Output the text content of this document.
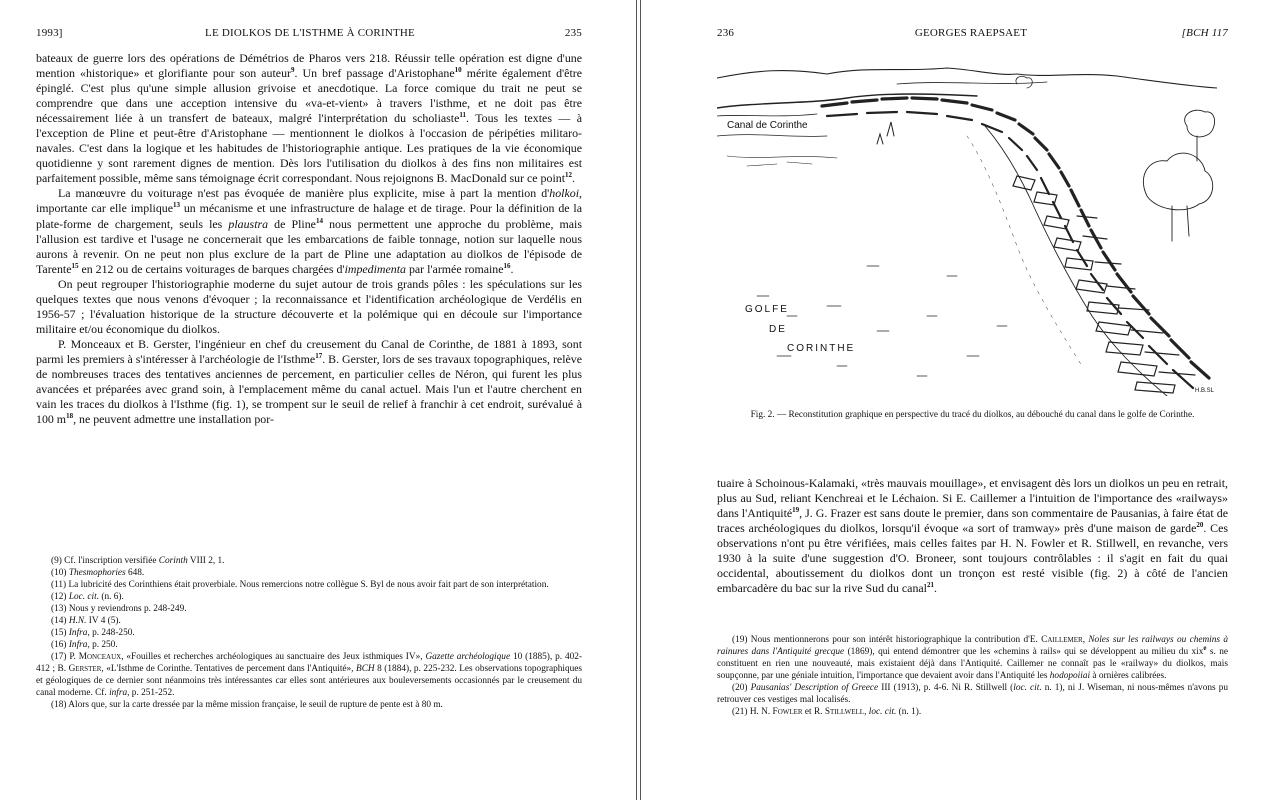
1993]	LE DIOLKOS DE L'ISTHME À CORINTHE	235

bateaux de guerre lors des opérations de Démétrios de Pharos vers 218. Réussir telle opération est digne d'une mention «historique» et glorifiante pour son auteur$^9$. Un bref passage d'Aristophane$^{10}$ mérite également d'être épinglé. C'est plus qu'une simple allusion grivoise et anecdotique. La force comique du trait ne peut se comprendre que dans une acception intensive du «va-et-vient» à travers l'isthme, et ne doit pas être nécessairement liée à un transfert de bateaux, malgré l'interprétation du scholiaste$^{11}$. Tous les textes — à l'exception de Pline et peut-être d'Aristophane — mentionnent le diolkos à l'occasion de péripéties militaro-navales. C'est dans la logique et les habitudes de l'historiographie antique. Les pratiques de la vie économique quotidienne y sont rarement dignes de mention. Dès lors l'utilisation du diolkos à des fins non militaires est parfaitement possible, même sans témoignage écrit correspondant. Nous rejoignons B. MacDonald sur ce point$^{12}$.

La manœuvre du voiturage n'est pas évoquée de manière plus explicite, mise à part la mention d'holkoi, importante car elle implique$^{13}$ un mécanisme et une infrastructure de halage et de tirage. Pour la définition de la plate-forme de chargement, seuls les plaustra de Pline$^{14}$ nous permettent une approche du problème, mais l'allusion est tardive et l'usage ne concernerait que les embarcations de faible tonnage, notion sur laquelle nous aurons à revenir. On ne peut non plus exclure de la part de Pline une adaptation au diolkos de l'épisode de Tarente$^{15}$ en 212 ou de certains voiturages de barques chargées d'impedimenta par l'armée romaine$^{16}$.

On peut regrouper l'historiographie moderne du sujet autour de trois grands pôles : les spéculations sur les quelques textes que nous venons d'évoquer ; la reconnaissance et l'identification archéologique de Verdélis en 1956-57 ; l'évaluation historique de la structure découverte et la polémique qui en découle sur l'importance militaire et/ou économique du diolkos.

P. Monceaux et B. Gerster, l'ingénieur en chef du creusement du Canal de Corinthe, de 1881 à 1893, sont parmi les premiers à s'intéresser à l'archéologie de l'Isthme$^{17}$. B. Gerster, lors de ses travaux topographiques, relève de nombreuses traces des tentatives anciennes de percement, en particulier celles de Néron, qui furent les plus avancées et préparées avec grand soin, à l'emplacement même du canal actuel. Mais l'un et l'autre cherchent en vain les traces du diolkos à l'Isthme (fig. 1), se trompent sur le seuil de relief à franchir à cet endroit, surévalué à 100 $m^{18}$, ne peuvent admettre une installation por-

(9) Cf. l'inscription versifiée Corinth VIII 2, 1.

(10) Thesmophories 648.

(11) La lubricité des Corinthiens était proverbiale. Nous remercions notre collègue S. Byl de nous avoir fait part de son interprétation.

(12) Loc. cit. (n. 6).

(13) Nous y reviendrons p. 248-249.

(14) H.N. IV 4 (5).

(15) Infra, p. 248-250.

(16) Infra, p. 250.

(17) P. Monceaux, «Fouilles et recherches archéologiques au sanctuaire des Jeux isthmiques IV», Gazette archéologique 10 (1885), p. 402-412 ; B. Gerster, «L'Isthme de Corinthe. Tentatives de percement dans l'Antiquité», BCH 8 (1884), p. 225-232. Les observations topographiques et géologiques de ce dernier sont néanmoins très intéressantes car elles sont antérieures aux bouleversements occasionnés par le creusement du canal moderne. Cf. infra, p. 251-252.

(18) Alors que, sur la carte dressée par la même mission française, le seuil de rupture de pente est à 80 m.

236	GEORGES RAEPSAET	[BCH 117
Canal de Corinthe
GOLFE
DE
CORINTHE
H.B.SL
Fig. 2. — Reconstitution graphique en perspective du tracé du diolkos, au débouché du canal dans le golfe de Corinthe.

tuaire à Schoinous-Kalamaki, «très mauvais mouillage», et envisagent dès lors un diolkos un peu en retrait, plus au Sud, reliant Kenchreai et le Léchaion. Si E. Caillemer a l'intuition de l'importance des «railways» dans l'Antiquité$^{19}$, J. G. Frazer est sans doute le premier, dans son commentaire de Pausanias, à faire état de traces archéologiques du diolkos, lorsqu'il évoque «a sort of tramway» près d'une maison de garde$^{20}$. Ces observations n'ont pu être vérifiées, mais celles faites par H. N. Fowler et R. Stillwell, en revanche, vers 1930 à la suite d'une suggestion d'O. Broneer, sont toujours contrôlables : il s'agit en fait du quai occidental, aboutissement du diolkos dont un tronçon est resté visible (fig. 2) à côté de l'ancien embarcadère du bac sur la rive Sud du canal$^{21}$.

(19) Nous mentionnerons pour son intérêt historiographique la contribution d'E. Caillemer, Noles sur les railways ou chemins à rainures dans l'Antiquité grecque (1869), qui entend démontrer que les «chemins à rails» qui se développent au milieu du xix$^e$ s. ne constituent en rien une nouveauté, mais existaient déjà dans l'Antiquité. Caillemer ne connaît pas le «railway» du diolkos, mais soupçonne, par une géniale intuition, l'importance que devaient avoir dans l'Antiquité les hodopoiiai à ornières calibrées.

(20) Pausanias' Description of Greece III (1913), p. 4-6. Ni R. Stillwell (loc. cit. n. 1), ni J. Wiseman, ni nous-mêmes n'avons pu retrouver ces vestiges mal localisés.

(21) H. N. Fowler et R. Stillwell, loc. cit. (n. 1).
